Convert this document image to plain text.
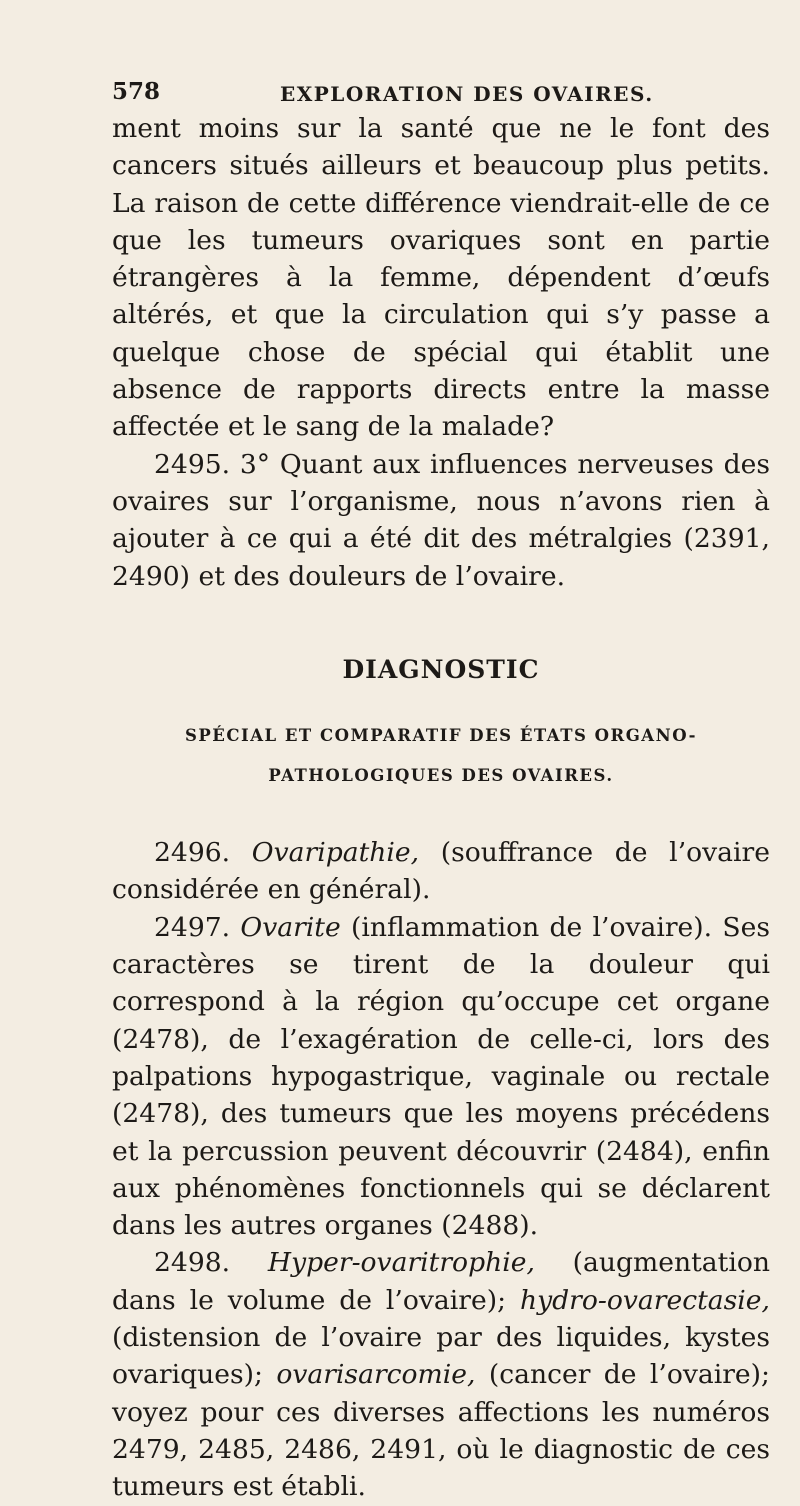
578	EXPLORATION DES OVAIRES.

ment moins sur la santé que ne le font des cancers situés ailleurs et beaucoup plus petits. La raison de cette différence viendrait-elle de ce que les tumeurs ovariques sont en partie étrangères à la femme, dépendent d’œufs altérés, et que la circulation qui s’y passe a quelque chose de spécial qui établit une absence de rapports directs entre la masse affectée et le sang de la malade?

2495. 3° Quant aux influences nerveuses des ovaires sur l’organisme, nous n’avons rien à ajouter à ce qui a été dit des métralgies (2391, 2490) et des douleurs de l’ovaire.

DIAGNOSTIC
SPÉCIAL ET COMPARATIF DES ÉTATS ORGANO-PATHOLOGIQUES DES OVAIRES.

2496. Ovaripathie, (souffrance de l’ovaire considérée en général).

2497. Ovarite (inflammation de l’ovaire). Ses caractères se tirent de la douleur qui correspond à la région qu’occupe cet organe (2478), de l’exagération de celle-ci, lors des palpations hypogastrique, vaginale ou rectale (2478), des tumeurs que les moyens précédens et la percussion peuvent découvrir (2484), enfin aux phénomènes fonctionnels qui se déclarent dans les autres organes (2488).

2498. Hyper-ovaritrophie, (augmentation dans le volume de l’ovaire); hydro-ovarectasie, (distension de l’ovaire par des liquides, kystes ovariques); ovarisarcomie, (cancer de l’ovaire); voyez pour ces diverses affections les numéros 2479, 2485, 2486, 2491, où le diagnostic de ces tumeurs est établi.
